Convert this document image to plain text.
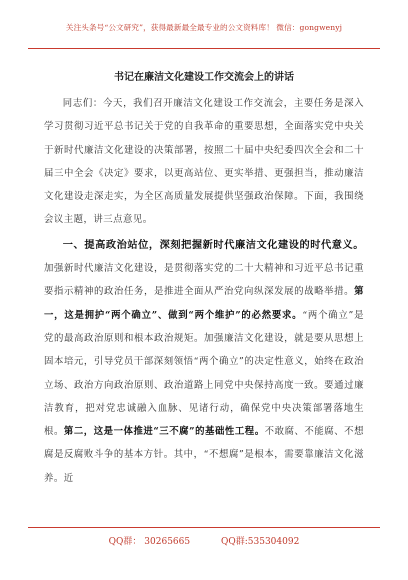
关注头条号“公文研究”，获得最新最全最专业的公文资料库！ 微信：gongwenyj
书记在廉洁文化建设工作交流会上的讲话

同志们：今天，我们召开廉洁文化建设工作交流会，主要任务是深入学习贯彻习近平总书记关于党的自我革命的重要思想，全面落实党中央关于新时代廉洁文化建设的决策部署，按照二十届中央纪委四次全会和二十届三中全会《决定》要求，以更高站位、更实举措、更强担当，推动廉洁文化建设走深走实，为全区高质量发展提供坚强政治保障。下面，我围绕会议主题，讲三点意见。

一、提高政治站位，深刻把握新时代廉洁文化建设的时代意义。加强新时代廉洁文化建设，是贯彻落实党的二十大精神和习近平总书记重要指示精神的政治任务，是推进全面从严治党向纵深发展的战略举措。第一，这是拥护“两个确立”、做到“两个维护”的必然要求。“两个确立”是党的最高政治原则和根本政治规矩。加强廉洁文化建设，就是要从思想上固本培元，引导党员干部深刻领悟“两个确立”的决定性意义，始终在政治立场、政治方向政治原则、政治道路上同党中央保持高度一致。要通过廉洁教育，把对党忠诚融入血脉、见诸行动，确保党中央决策部署落地生根。第二，这是一体推进“三不腐”的基础性工程。不敢腐、不能腐、不想腐是反腐败斗争的基本方针。其中，“不想腐”是根本，需要靠廉洁文化滋养。近

QQ群： 30265665	QQ群:535304092
